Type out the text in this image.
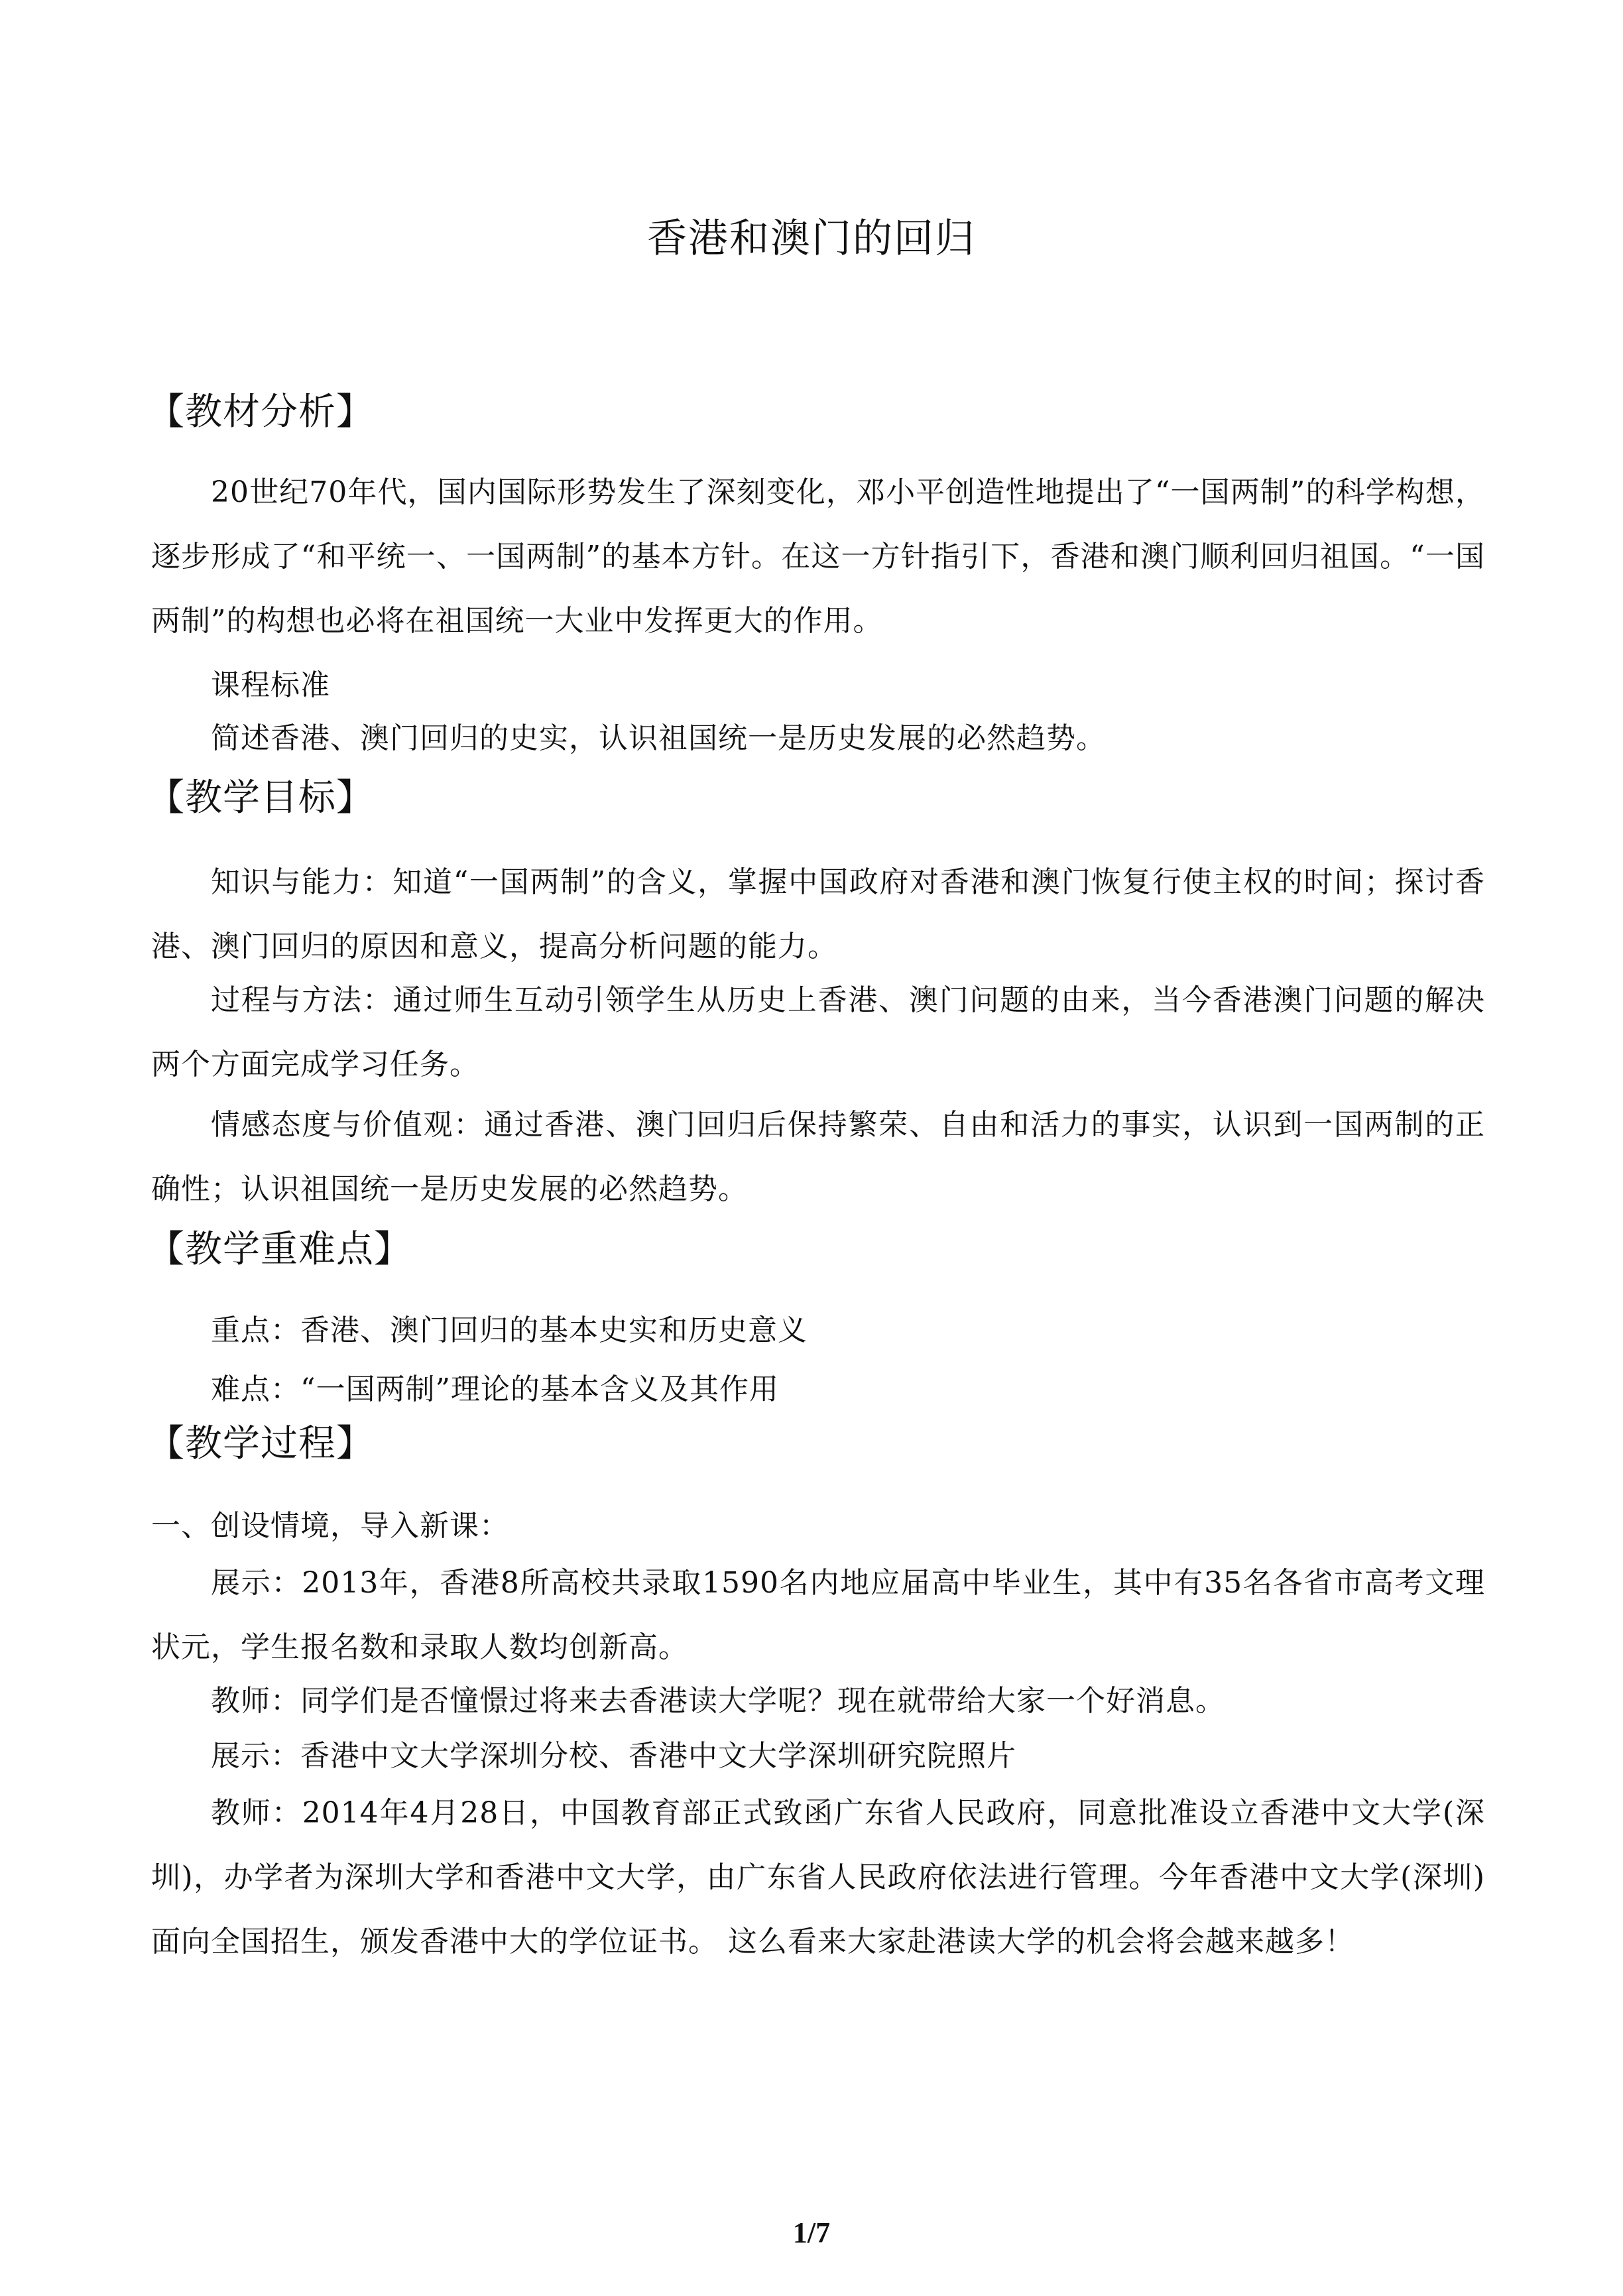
香港和澳门的回归
【教材分析】

20世纪70年代，国内国际形势发生了深刻变化，邓小平创造性地提出了“一国两制”的科学构想，逐步形成了“和平统一、一国两制”的基本方针。在这一方针指引下，香港和澳门顺利回归祖国。“一国两制”的构想也必将在祖国统一大业中发挥更大的作用。

课程标准

简述香港、澳门回归的史实，认识祖国统一是历史发展的必然趋势。

【教学目标】

知识与能力：知道“一国两制”的含义，掌握中国政府对香港和澳门恢复行使主权的时间；探讨香港、澳门回归的原因和意义，提高分析问题的能力。

过程与方法：通过师生互动引领学生从历史上香港、澳门问题的由来，当今香港澳门问题的解决两个方面完成学习任务。

情感态度与价值观：通过香港、澳门回归后保持繁荣、自由和活力的事实，认识到一国两制的正确性；认识祖国统一是历史发展的必然趋势。

【教学重难点】

重点：香港、澳门回归的基本史实和历史意义

难点：“一国两制”理论的基本含义及其作用

【教学过程】

一、创设情境，导入新课：

展示：2013年，香港8所高校共录取1590名内地应届高中毕业生，其中有35名各省市高考文理状元，学生报名数和录取人数均创新高。

教师：同学们是否憧憬过将来去香港读大学呢？现在就带给大家一个好消息。

展示：香港中文大学深圳分校、香港中文大学深圳研究院照片

教师：2014年4月28日，中国教育部正式致函广东省人民政府，同意批准设立香港中文大学(深圳)，办学者为深圳大学和香港中文大学，由广东省人民政府依法进行管理。今年香港中文大学(深圳)面向全国招生，颁发香港中大的学位证书。 这么看来大家赴港读大学的机会将会越来越多！

1/7
